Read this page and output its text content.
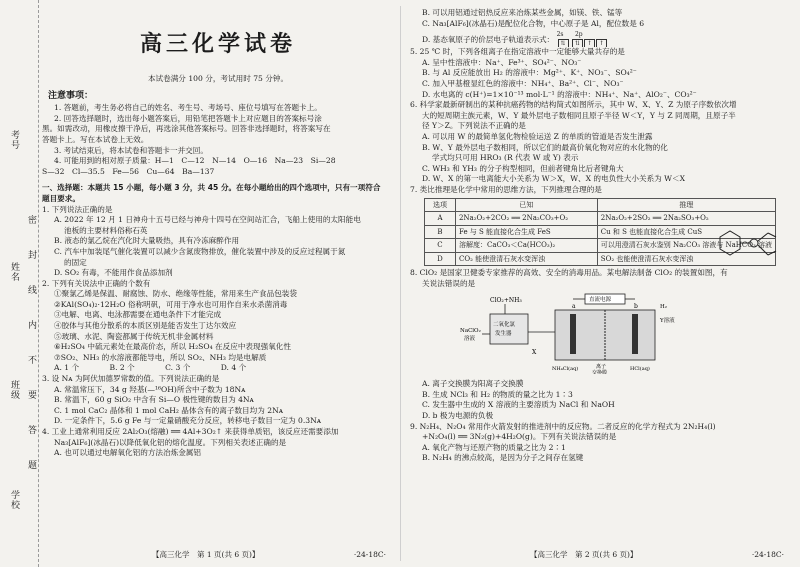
考号
姓名
班级
学校
密
封
线
内
不
要
答
题
高三化学试卷
本试卷满分 100 分，考试用时 75 分钟。
注意事项：
1. 答题前，考生务必将自己的姓名、考生号、考场号、座位号填写在答题卡上。
2. 回答选择题时，选出每小题答案后，用铅笔把答题卡上对应题目的答案标号涂
黑。如需改动，用橡皮擦干净后，再选涂其他答案标号。回答非选择题时，将答案写在
答题卡上。写在本试卷上无效。
3. 考试结束后，将本试卷和答题卡一并交回。
4. 可能用到的相对原子质量：H—1　C—12　N—14　O—16　Na—23　Si—28
S—32　Cl—35.5　Fe—56　Cu—64　Ba—137
一、选择题：本题共 15 小题，每小题 3 分，共 45 分。在每小题给出的四个选项中，只有一项符合
题目要求。
1. 下列说法正确的是
A. 2022 年 12 月 1 日神舟十五号已经与神舟十四号在空间站汇合，飞船上使用的太阳能电
池板的主要材料俗称石英
B. 液态的氯乙烷在汽化时大量吸热，具有冷冻麻醉作用
C. 汽车中加装尾气催化装置可以减少含氮废物排放，催化装置中涉及的反应过程属于氮
的固定
D. SO₂ 有毒，不能用作食品添加剂
2. 下列有关说法中正确的个数有
①聚氯乙烯是保温、耐腐蚀、防水、绝缘等性能，常用来生产食品包装袋
②KAl(SO₄)₂·12H₂O 俗称明矾，可用于净水也可用作自来水杀菌消毒
③电解、电离、电泳都需要在通电条件下才能完成
④胶体与其他分散系的本质区别是能否发生丁达尔效应
⑤玻璃、水泥、陶瓷都属于传统无机非金属材料
⑥H₂SO₄ 中硫元素处在最高价态，所以 H₂SO₄ 在反应中表现强氧化性
⑦SO₂、NH₃ 的水溶液都能导电，所以 SO₂、NH₃ 均是电解质
A. 1 个　　　　B. 2 个　　　　C. 3 个　　　　D. 4 个
3. 设 Nᴀ 为阿伏加德罗常数的值。下列说法正确的是
A. 常温常压下，34 g 羟基(—¹⁶OH)所含中子数为 18Nᴀ
B. 常温下，60 g SiO₂ 中含有 Si—O 极性键的数目为 4Nᴀ
C. 1 mol CaC₂ 晶体和 1 mol CaH₂ 晶体含有的离子数目均为 2Nᴀ
D. 一定条件下，5.6 g Fe 与一定量硝酸充分反应，转移电子数目一定为 0.3Nᴀ
4. 工业上通常利用反应 2Al₂O₃(熔融) ══ 4Al+3O₂↑ 来获得单质铝，该反应还需要添加
Na₃[AlF₆](冰晶石)以降低氧化铝的熔化温度。下列相关表述正确的是
A. 也可以通过电解氧化铝的方法冶炼金属铝
【高三化学　第 1 页(共 6 页)】	·24-18C·
B. 可以用铝通过铝热反应来冶炼某些金属，如镁、铁、锰等
C. Na₃[AlF₆](冰晶石)是配位化合物，中心原子是 Al，配位数是 6
D. 基态氧原子的价层电子轨道表示式：
2s 2p
⇅ ⇅ ↑ ↑
5. 25 ℃ 时，下列各组离子在指定溶液中一定能够大量共存的是
A. 呈中性溶液中：Na⁺、Fe³⁺、SO₄²⁻、NO₃⁻
B. 与 Al 反应能放出 H₂ 的溶液中：Mg²⁺、K⁺、NO₃⁻、SO₄²⁻
C. 加入甲基橙显红色的溶液中：NH₄⁺、Ba²⁺、Cl⁻、NO₃⁻
D. 水电离的 c(H⁺)=1×10⁻¹³ mol·L⁻¹ 的溶液中：NH₄⁺、Na⁺、AlO₂⁻、CO₃²⁻
6. 科学家最新研制出的某种抗癌药物的结构简式如图所示，其中 W、X、Y、Z 为原子序数依次增
大的短周期主族元素，W、Y 最外层电子数相同且原子半径 W＜Y，Y 与 Z 同周期，且原子半
径 Y＞Z。下列说法不正确的是
A. 可以用 W 的最简单氢化物检验运送 Z 的单质的管道是否发生泄露
B. W、Y 最外层电子数相同，所以它们的最高价氧化物对应的水化物的化
学式均只可用 HRO₃ (R 代表 W 或 Y) 表示
C. WH₃ 和 YH₃ 的分子构型相同，但前者键角比后者键角大
D. W、X 的第一电离能大小关系为 W＞X，W、X 的电负性大小关系为 W＜X
7. 类比推理是化学中常用的思维方法，下列推理合理的是
选项	已知	推理
A	2Na₂O₂+2CO₂ ══ 2Na₂CO₃+O₂	2Na₂O₂+2SO₂ ══ 2Na₂SO₃+O₂
B	Fe 与 S 能直接化合生成 FeS	Cu 和 S 也能直接化合生成 CuS
C	溶解度：CaCO₃＜Ca(HCO₃)₂	可以用澄清石灰水鉴别 Na₂CO₃ 溶液与 NaHCO₃ 溶液
D	CO₂ 能使澄清石灰水变浑浊	SO₂ 也能使澄清石灰水变浑浊
8. ClO₂ 是国家卫健委专家推荐的高效、安全的消毒用品。某电解法制备 ClO₂ 的装置如图，有
关说法错误的是
ClO₂+NH₃
二氧化氯
发生器
NaClO₂
溶液
X
a	b
直流电源
Y溶液
H₂
离子
交换膜
NH₄Cl(aq)	HCl(aq)
A. 离子交换膜为阳离子交换膜
B. 生成 NCl₃ 和 H₂ 的物质的量之比为 1∶3
C. 发生器中生成的 X 溶液的主要溶质为 NaCl 和 NaOH
D. b 极为电源的负极
9. N₂H₄、N₂O₄ 常用作火箭发射的推进剂中的反应物。二者反应的化学方程式为 2N₂H₄(l)
+N₂O₄(l) ══ 3N₂(g)+4H₂O(g)。下列有关说法错误的是
A. 氧化产物与还原产物的质量之比为 2∶1
B. N₂H₄ 的沸点较高，是因为分子之间存在氢键
【高三化学　第 2 页(共 6 页)】	·24-18C·
